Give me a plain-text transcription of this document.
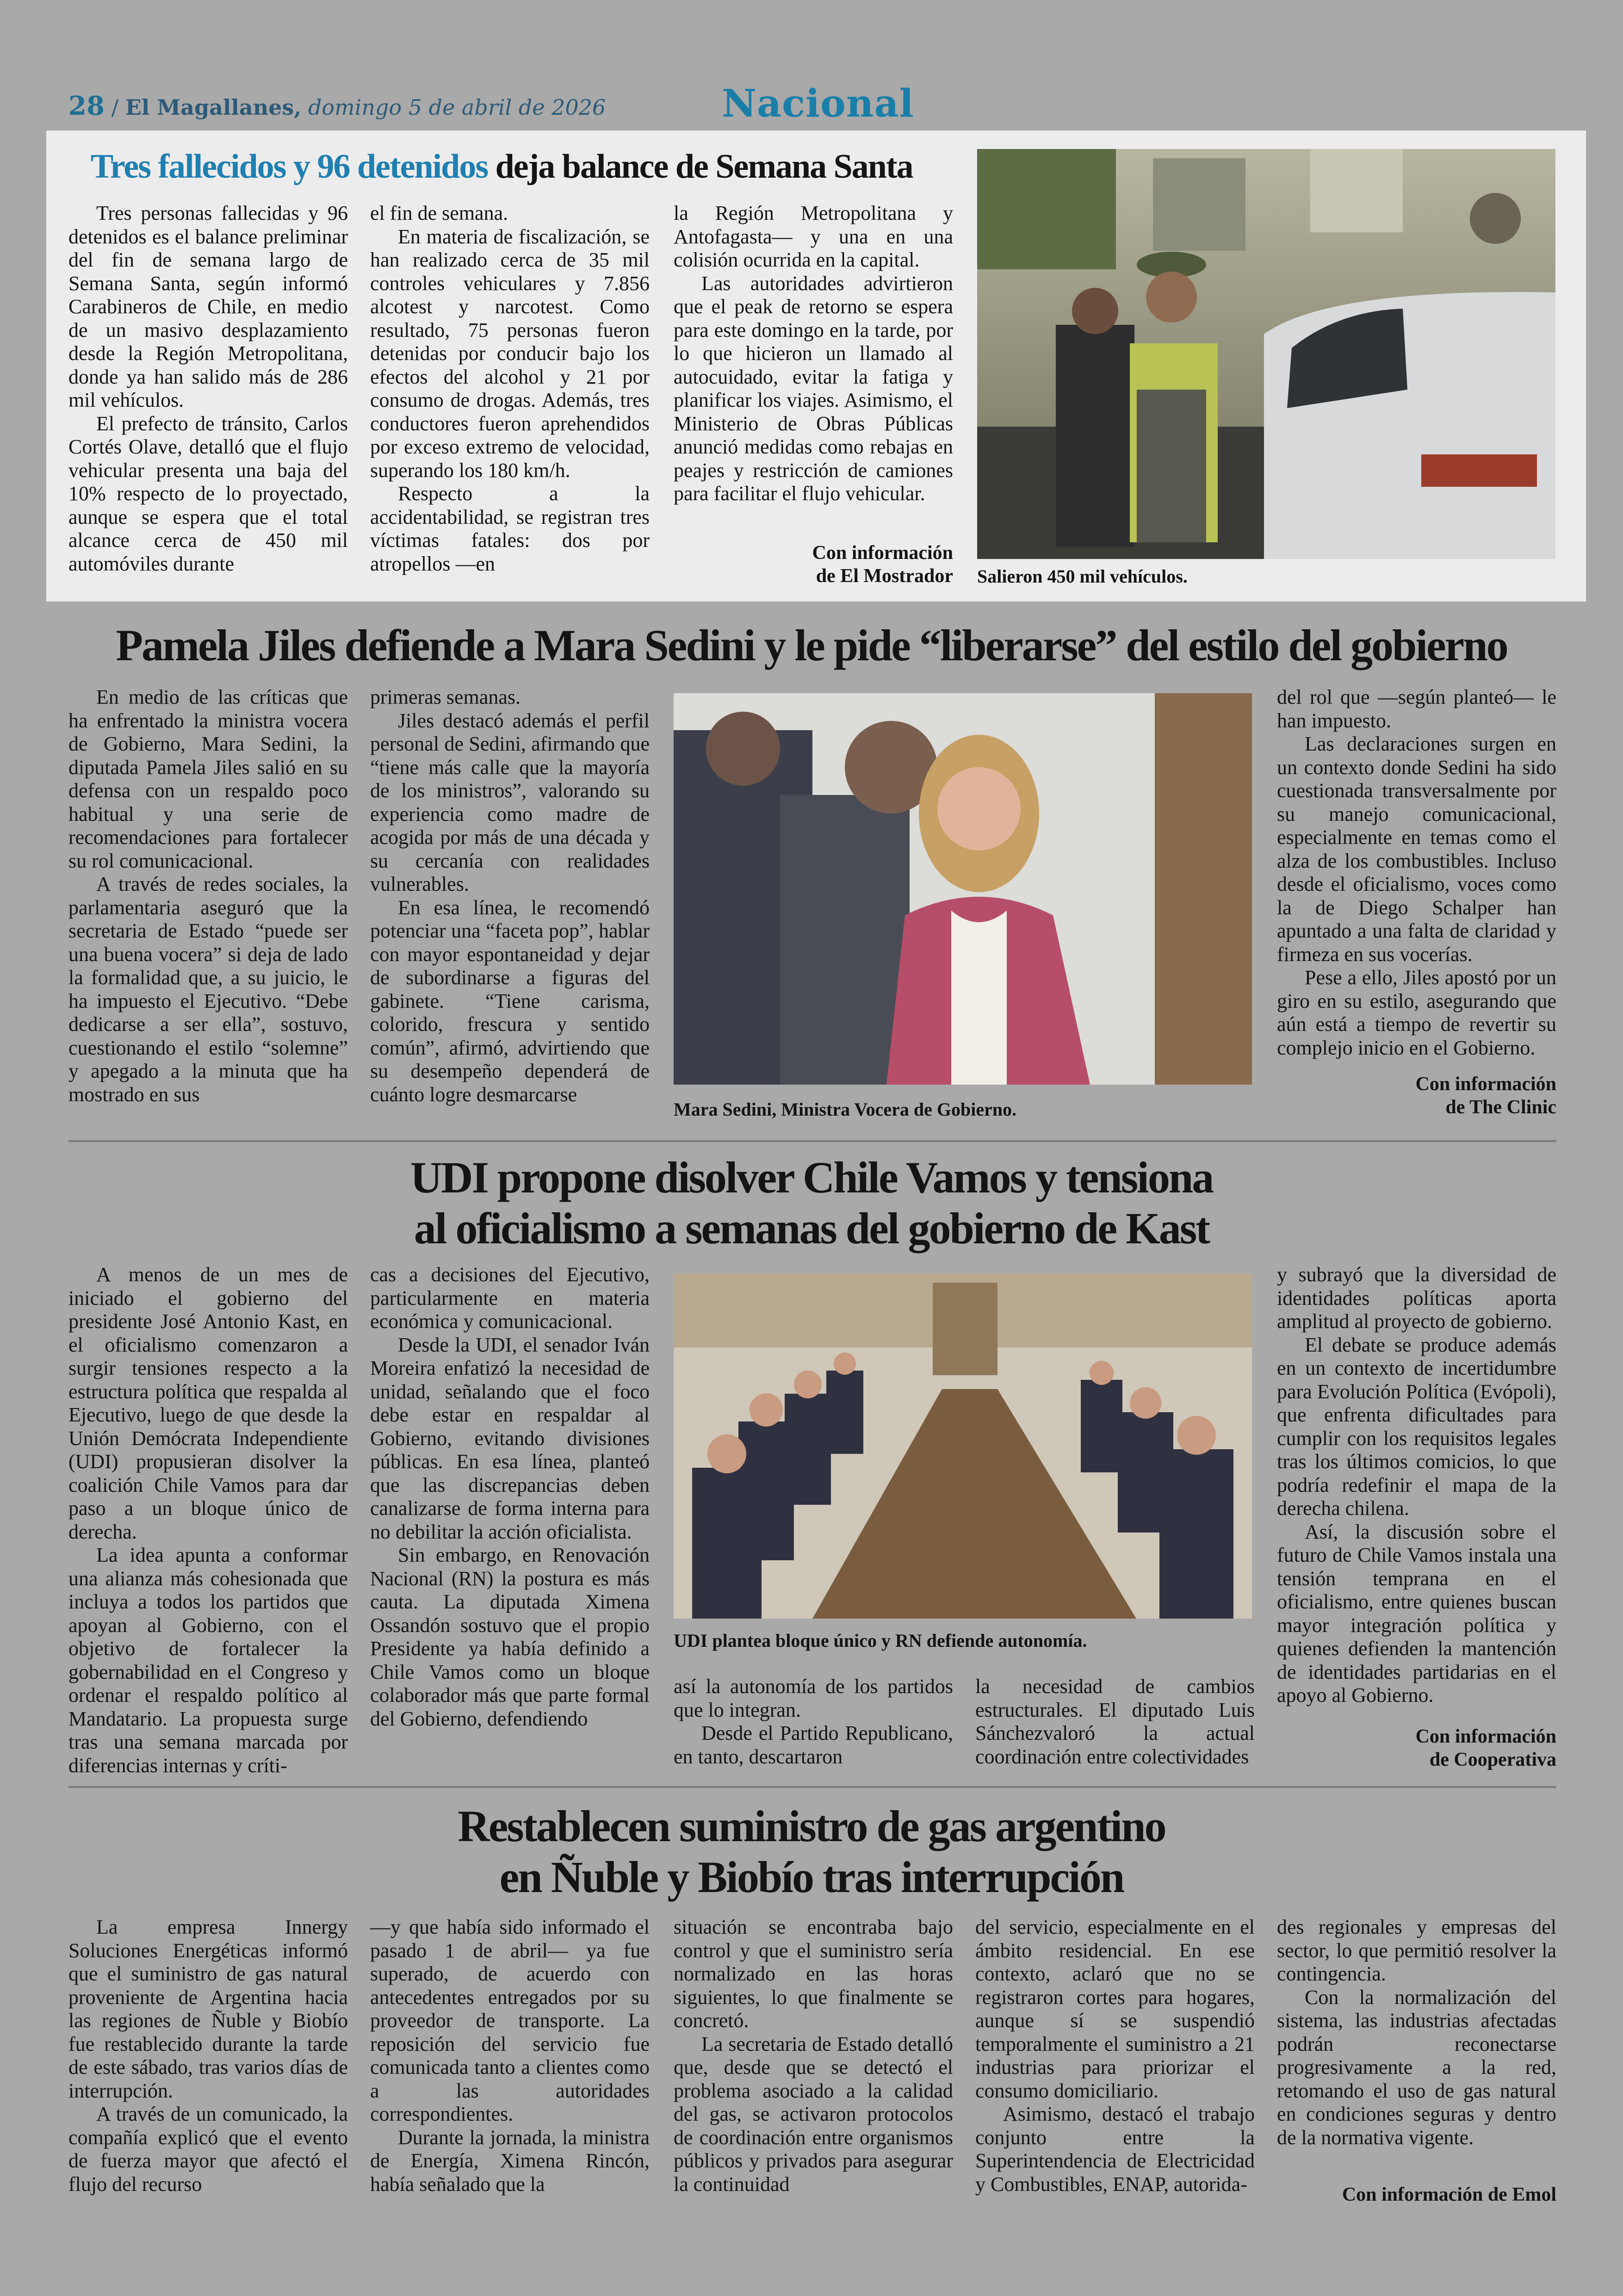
28 / El Magallanes, domingo 5 de abril de 2026	Nacional
Tres fallecidos y 96 detenidos deja balance de Semana Santa

Tres personas fallecidas y 96 detenidos es el balance preliminar del fin de semana largo de Semana Santa, según informó Carabineros de Chile, en medio de un masivo desplazamiento desde la Región Metropolitana, donde ya han salido más de 286 mil vehículos.

El prefecto de tránsito, Carlos Cortés Olave, detalló que el flujo vehicular presenta una baja del 10% respecto de lo proyectado, aunque se espera que el total alcance cerca de 450 mil automóviles durante

el fin de semana.

En materia de fiscalización, se han realizado cerca de 35 mil controles vehiculares y 7.856 alcotest y narcotest. Como resultado, 75 personas fueron detenidas por conducir bajo los efectos del alcohol y 21 por consumo de drogas. Además, tres conductores fueron aprehendidos por exceso extremo de velocidad, superando los 180 km/h.

Respecto a la accidentabilidad, se registran tres víctimas fatales: dos por atropellos —en

la Región Metropolitana y Antofagasta— y una en una colisión ocurrida en la capital.

Las autoridades advirtieron que el peak de retorno se espera para este domingo en la tarde, por lo que hicieron un llamado al autocuidado, evitar la fatiga y planificar los viajes. Asimismo, el Ministerio de Obras Públicas anunció medidas como rebajas en peajes y restricción de camiones para facilitar el flujo vehicular.

Con información
de El Mostrador Salieron 450 mil vehículos.
Pamela Jiles defiende a Mara Sedini y le pide “liberarse” del estilo del gobierno

En medio de las críticas que ha enfrentado la ministra vocera de Gobierno, Mara Sedini, la diputada Pamela Jiles salió en su defensa con un respaldo poco habitual y una serie de recomendaciones para fortalecer su rol comunicacional.

A través de redes sociales, la parlamentaria aseguró que la secretaria de Estado “puede ser una buena vocera” si deja de lado la formalidad que, a su juicio, le ha impuesto el Ejecutivo. “Debe dedicarse a ser ella”, sostuvo, cuestionando el estilo “solemne” y apegado a la minuta que ha mostrado en sus

primeras semanas.

Jiles destacó además el perfil personal de Sedini, afirmando que “tiene más calle que la mayoría de los ministros”, valorando su experiencia como madre de acogida por más de una década y su cercanía con realidades vulnerables.

En esa línea, le recomendó potenciar una “faceta pop”, hablar con mayor espontaneidad y dejar de subordinarse a figuras del gabinete. “Tiene carisma, colorido, frescura y sentido común”, afirmó, advirtiendo que su desempeño dependerá de cuánto logre desmarcarse

Mara Sedini, Ministra Vocera de Gobierno.

del rol que —según planteó— le han impuesto.

Las declaraciones surgen en un contexto donde Sedini ha sido cuestionada transversalmente por su manejo comunicacional, especialmente en temas como el alza de los combustibles. Incluso desde el oficialismo, voces como la de Diego Schalper han apuntado a una falta de claridad y firmeza en sus vocerías.

Pese a ello, Jiles apostó por un giro en su estilo, asegurando que aún está a tiempo de revertir su complejo inicio en el Gobierno.

Con información
de The Clinic
UDI propone disolver Chile Vamos y tensiona
al oficialismo a semanas del gobierno de Kast

A menos de un mes de iniciado el gobierno del presidente José Antonio Kast, en el oficialismo comenzaron a surgir tensiones respecto a la estructura política que respalda al Ejecutivo, luego de que desde la Unión Demócrata Independiente (UDI) propusieran disolver la coalición Chile Vamos para dar paso a un bloque único de derecha.

La idea apunta a conformar una alianza más cohesionada que incluya a todos los partidos que apoyan al Gobierno, con el objetivo de fortalecer la gobernabilidad en el Congreso y ordenar el respaldo político al Mandatario. La propuesta surge tras una semana marcada por diferencias internas y críti-

cas a decisiones del Ejecutivo, particularmente en materia económica y comunicacional.

Desde la UDI, el senador Iván Moreira enfatizó la necesidad de unidad, señalando que el foco debe estar en respaldar al Gobierno, evitando divisiones públicas. En esa línea, planteó que las discrepancias deben canalizarse de forma interna para no debilitar la acción oficialista.

Sin embargo, en Renovación Nacional (RN) la postura es más cauta. La diputada Ximena Ossandón sostuvo que el propio Presidente ya había definido a Chile Vamos como un bloque colaborador más que parte formal del Gobierno, defendiendo

UDI plantea bloque único y RN defiende autonomía.

así la autonomía de los partidos que lo integran.

Desde el Partido Republicano, en tanto, descartaron

la necesidad de cambios estructurales. El diputado Luis Sánchezvaloró la actual coordinación entre colectividades

y subrayó que la diversidad de identidades políticas aporta amplitud al proyecto de gobierno.

El debate se produce además en un contexto de incertidumbre para Evolución Política (Evópoli), que enfrenta dificultades para cumplir con los requisitos legales tras los últimos comicios, lo que podría redefinir el mapa de la derecha chilena.

Así, la discusión sobre el futuro de Chile Vamos instala una tensión temprana en el oficialismo, entre quienes buscan mayor integración política y quienes defienden la mantención de identidades partidarias en el apoyo al Gobierno.

Con información
de Cooperativa
Restablecen suministro de gas argentino
en Ñuble y Biobío tras interrupción

La empresa Innergy Soluciones Energéticas informó que el suministro de gas natural proveniente de Argentina hacia las regiones de Ñuble y Biobío fue restablecido durante la tarde de este sábado, tras varios días de interrupción.

A través de un comunicado, la compañía explicó que el evento de fuerza mayor que afectó el flujo del recurso

—y que había sido informado el pasado 1 de abril— ya fue superado, de acuerdo con antecedentes entregados por su proveedor de transporte. La reposición del servicio fue comunicada tanto a clientes como a las autoridades correspondientes.

Durante la jornada, la ministra de Energía, Ximena Rincón, había señalado que la

situación se encontraba bajo control y que el suministro sería normalizado en las horas siguientes, lo que finalmente se concretó.

La secretaria de Estado detalló que, desde que se detectó el problema asociado a la calidad del gas, se activaron protocolos de coordinación entre organismos públicos y privados para asegurar la continuidad

del servicio, especialmente en el ámbito residencial. En ese contexto, aclaró que no se registraron cortes para hogares, aunque sí se suspendió temporalmente el suministro a 21 industrias para priorizar el consumo domiciliario.

Asimismo, destacó el trabajo conjunto entre la Superintendencia de Electricidad y Combustibles, ENAP, autorida-

des regionales y empresas del sector, lo que permitió resolver la contingencia.

Con la normalización del sistema, las industrias afectadas podrán reconectarse progresivamente a la red, retomando el uso de gas natural en condiciones seguras y dentro de la normativa vigente.

Con información de Emol
